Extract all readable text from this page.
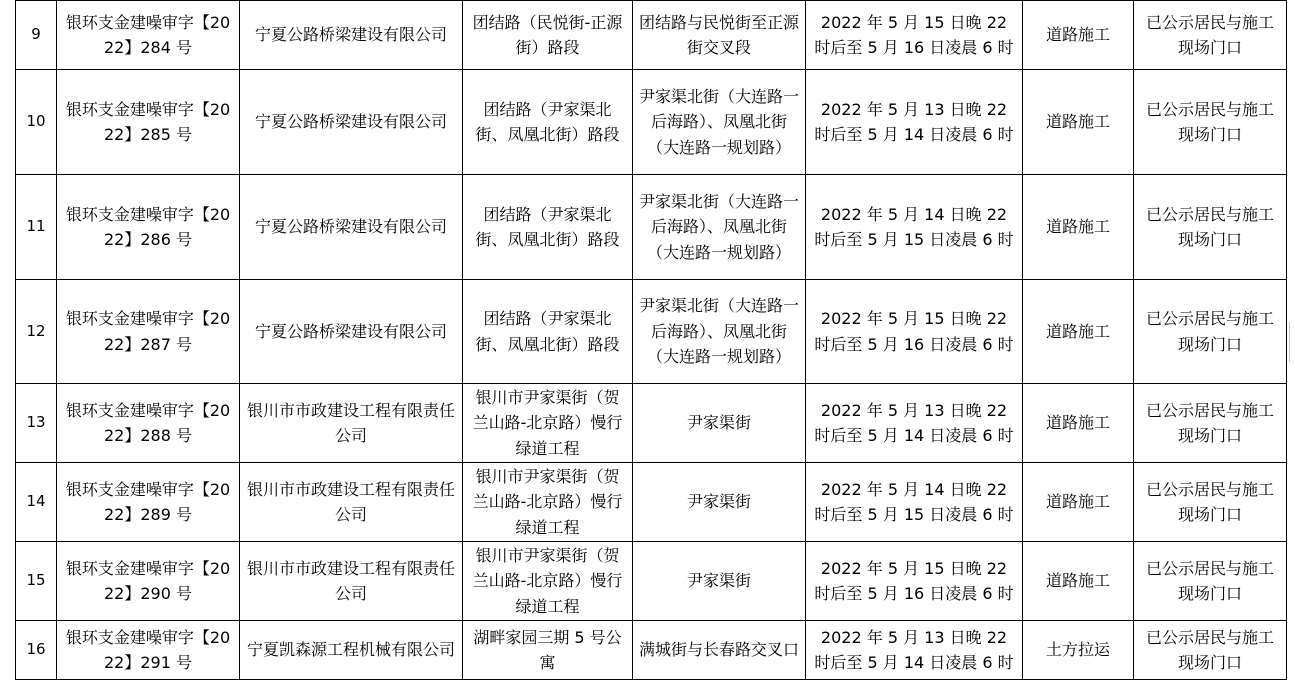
9	银环支金建噪审字【2022】284 号	宁夏公路桥梁建设有限公司	团结路（民悦街-正源街）路段	团结路与民悦街至正源街交叉段	2022 年 5 月 15 日晚 22 时后至 5 月 16 日凌晨 6 时	道路施工	已公示居民与施工现场门口
10	银环支金建噪审字【2022】285 号	宁夏公路桥梁建设有限公司	团结路（尹家渠北街、凤凰北街）路段	尹家渠北街（大连路一后海路）、凤凰北街（大连路一规划路）	2022 年 5 月 13 日晚 22 时后至 5 月 14 日凌晨 6 时	道路施工	已公示居民与施工现场门口
11	银环支金建噪审字【2022】286 号	宁夏公路桥梁建设有限公司	团结路（尹家渠北街、凤凰北街）路段	尹家渠北街（大连路一后海路）、凤凰北街（大连路一规划路）	2022 年 5 月 14 日晚 22 时后至 5 月 15 日凌晨 6 时	道路施工	已公示居民与施工现场门口
12	银环支金建噪审字【2022】287 号	宁夏公路桥梁建设有限公司	团结路（尹家渠北街、凤凰北街）路段	尹家渠北街（大连路一后海路）、凤凰北街（大连路一规划路）	2022 年 5 月 15 日晚 22 时后至 5 月 16 日凌晨 6 时	道路施工	已公示居民与施工现场门口
13	银环支金建噪审字【2022】288 号	银川市市政建设工程有限责任公司	银川市尹家渠街（贺兰山路-北京路）慢行绿道工程	尹家渠街	2022 年 5 月 13 日晚 22 时后至 5 月 14 日凌晨 6 时	道路施工	已公示居民与施工现场门口
14	银环支金建噪审字【2022】289 号	银川市市政建设工程有限责任公司	银川市尹家渠街（贺兰山路-北京路）慢行绿道工程	尹家渠街	2022 年 5 月 14 日晚 22 时后至 5 月 15 日凌晨 6 时	道路施工	已公示居民与施工现场门口
15	银环支金建噪审字【2022】290 号	银川市市政建设工程有限责任公司	银川市尹家渠街（贺兰山路-北京路）慢行绿道工程	尹家渠街	2022 年 5 月 15 日晚 22 时后至 5 月 16 日凌晨 6 时	道路施工	已公示居民与施工现场门口
16	银环支金建噪审字【2022】291 号	宁夏凯森源工程机械有限公司	湖畔家园三期 5 号公寓	满城街与长春路交叉口	2022 年 5 月 13 日晚 22 时后至 5 月 14 日凌晨 6 时	土方拉运	已公示居民与施工现场门口
